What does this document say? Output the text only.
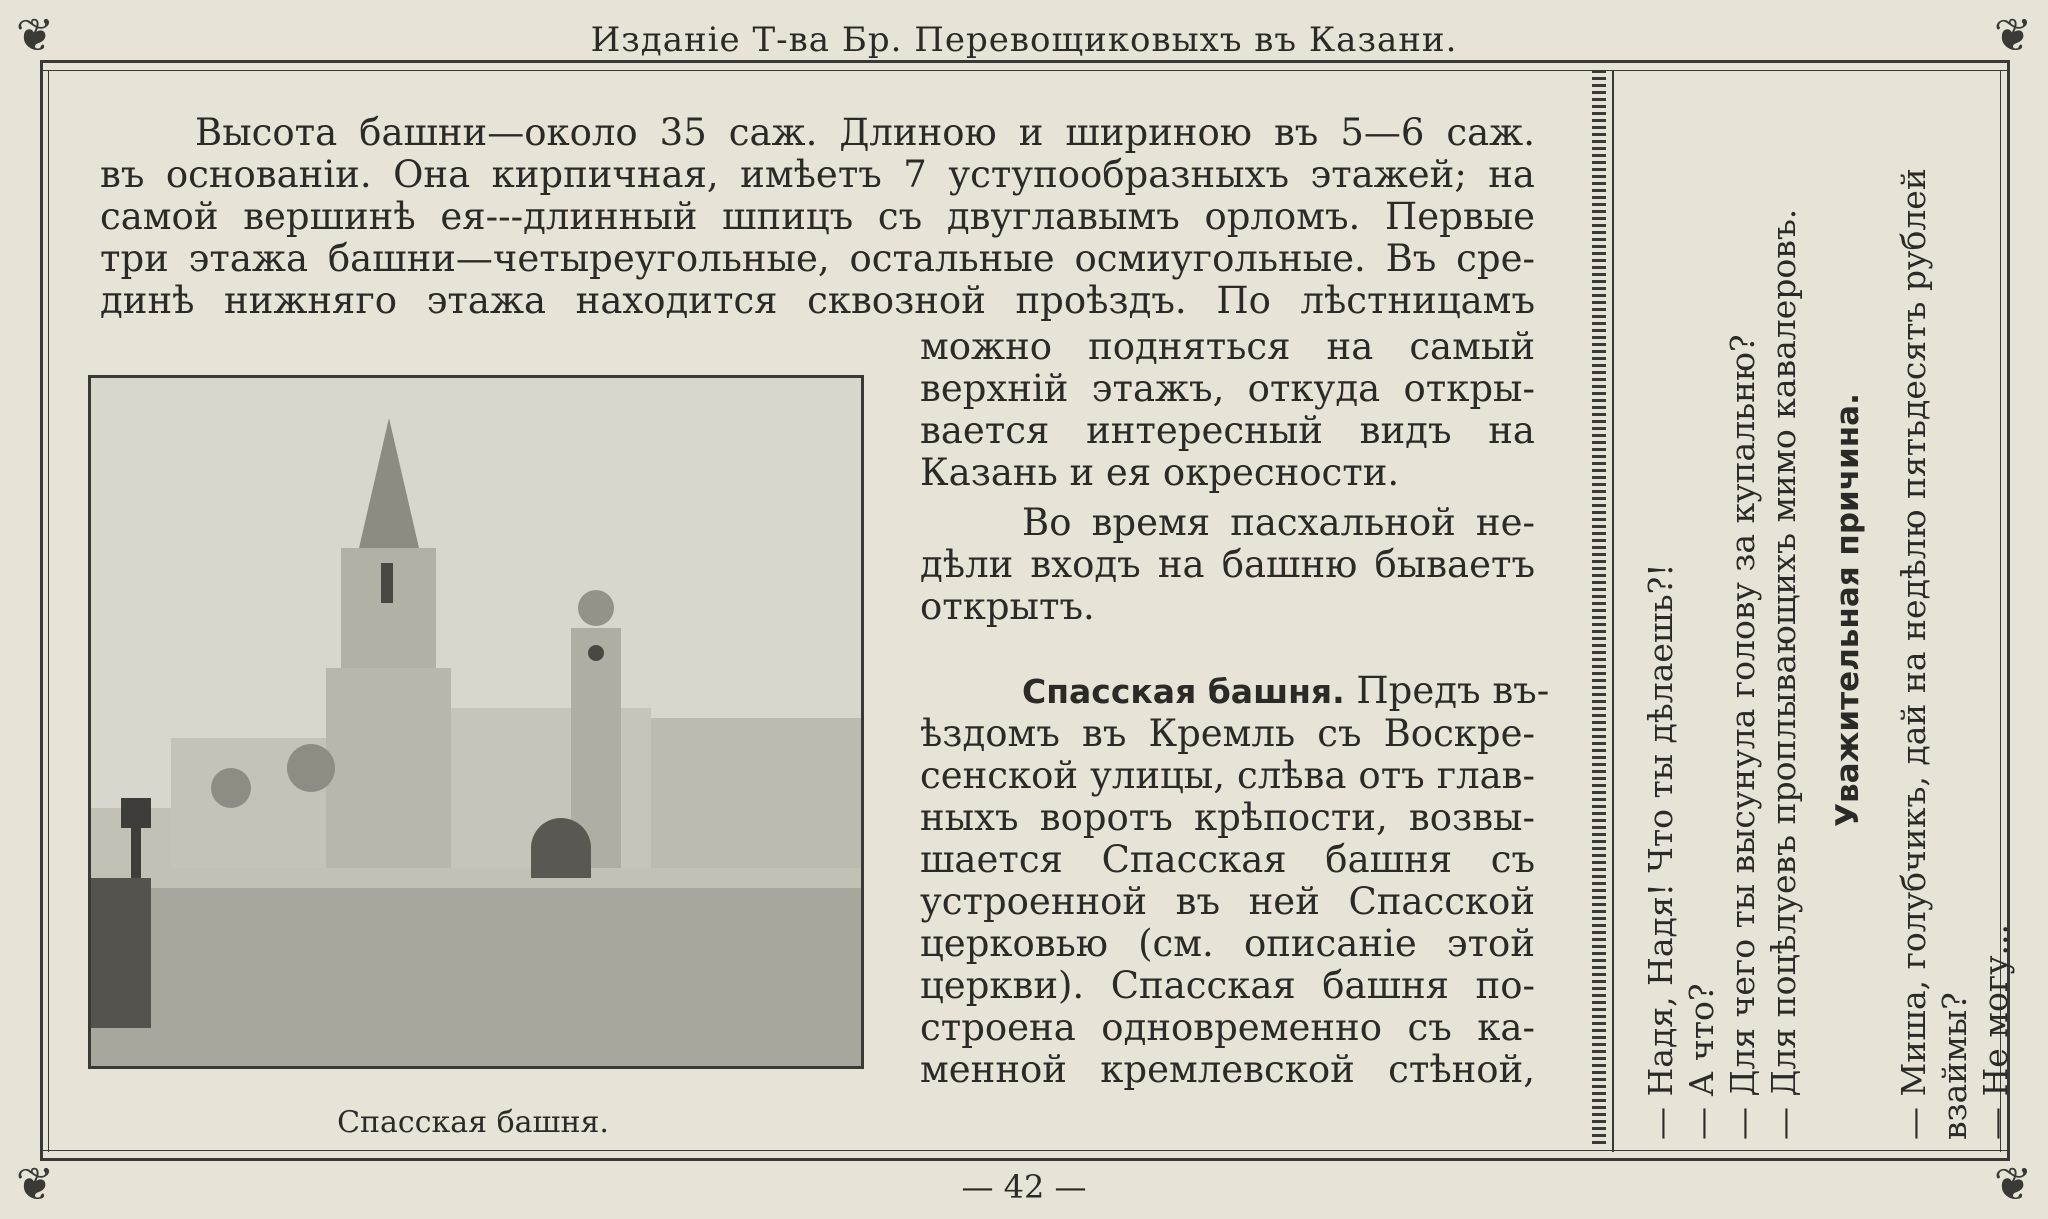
❦	❦
❦	❦
Изданіе Т-ва Бр. Перевощиковыхъ въ Казани.
Высота башни—около 35 саж. Длиною и шириною въ 5—6 саж.
въ основаніи. Она кирпичная, имѣетъ 7 уступообразныхъ этажей; на
самой вершинѣ ея---длинный шпицъ съ двуглавымъ орломъ. Первые
три этажа башни—четыреугольные, остальные осмиугольные. Въ сре-
динѣ нижняго этажа находится сквозной проѣздъ. По лѣстницамъ
Спасская башня.
можно подняться на самый
верхній этажъ, откуда откры-
вается интересный видъ на
Казань и ея окресности.
Во время пасхальной не-
дѣли входъ на башню бываетъ
открытъ.
Спасская башня. Предъ въ-
ѣздомъ въ Кремль съ Воскре-
сенской улицы, слѣва отъ глав-
ныхъ воротъ крѣпости, возвы-
шается Спасская башня съ
устроенной въ ней Спасской
церковью (см. описаніе этой
церкви). Спасская башня по-
строена одновременно съ ка-
менной кремлевской стѣной,	— Надя, Надя! Что ты дѣлаешь?! — А что? — Для чего ты высунула голову за купальню? — Для поцѣлуевъ проплывающихъ мимо кавалеровъ. Уважительная причина. — Миша, голубчикъ, дай на недѣлю пятьдесятъ рублей взаймы? — Не могу...
— 42 —
